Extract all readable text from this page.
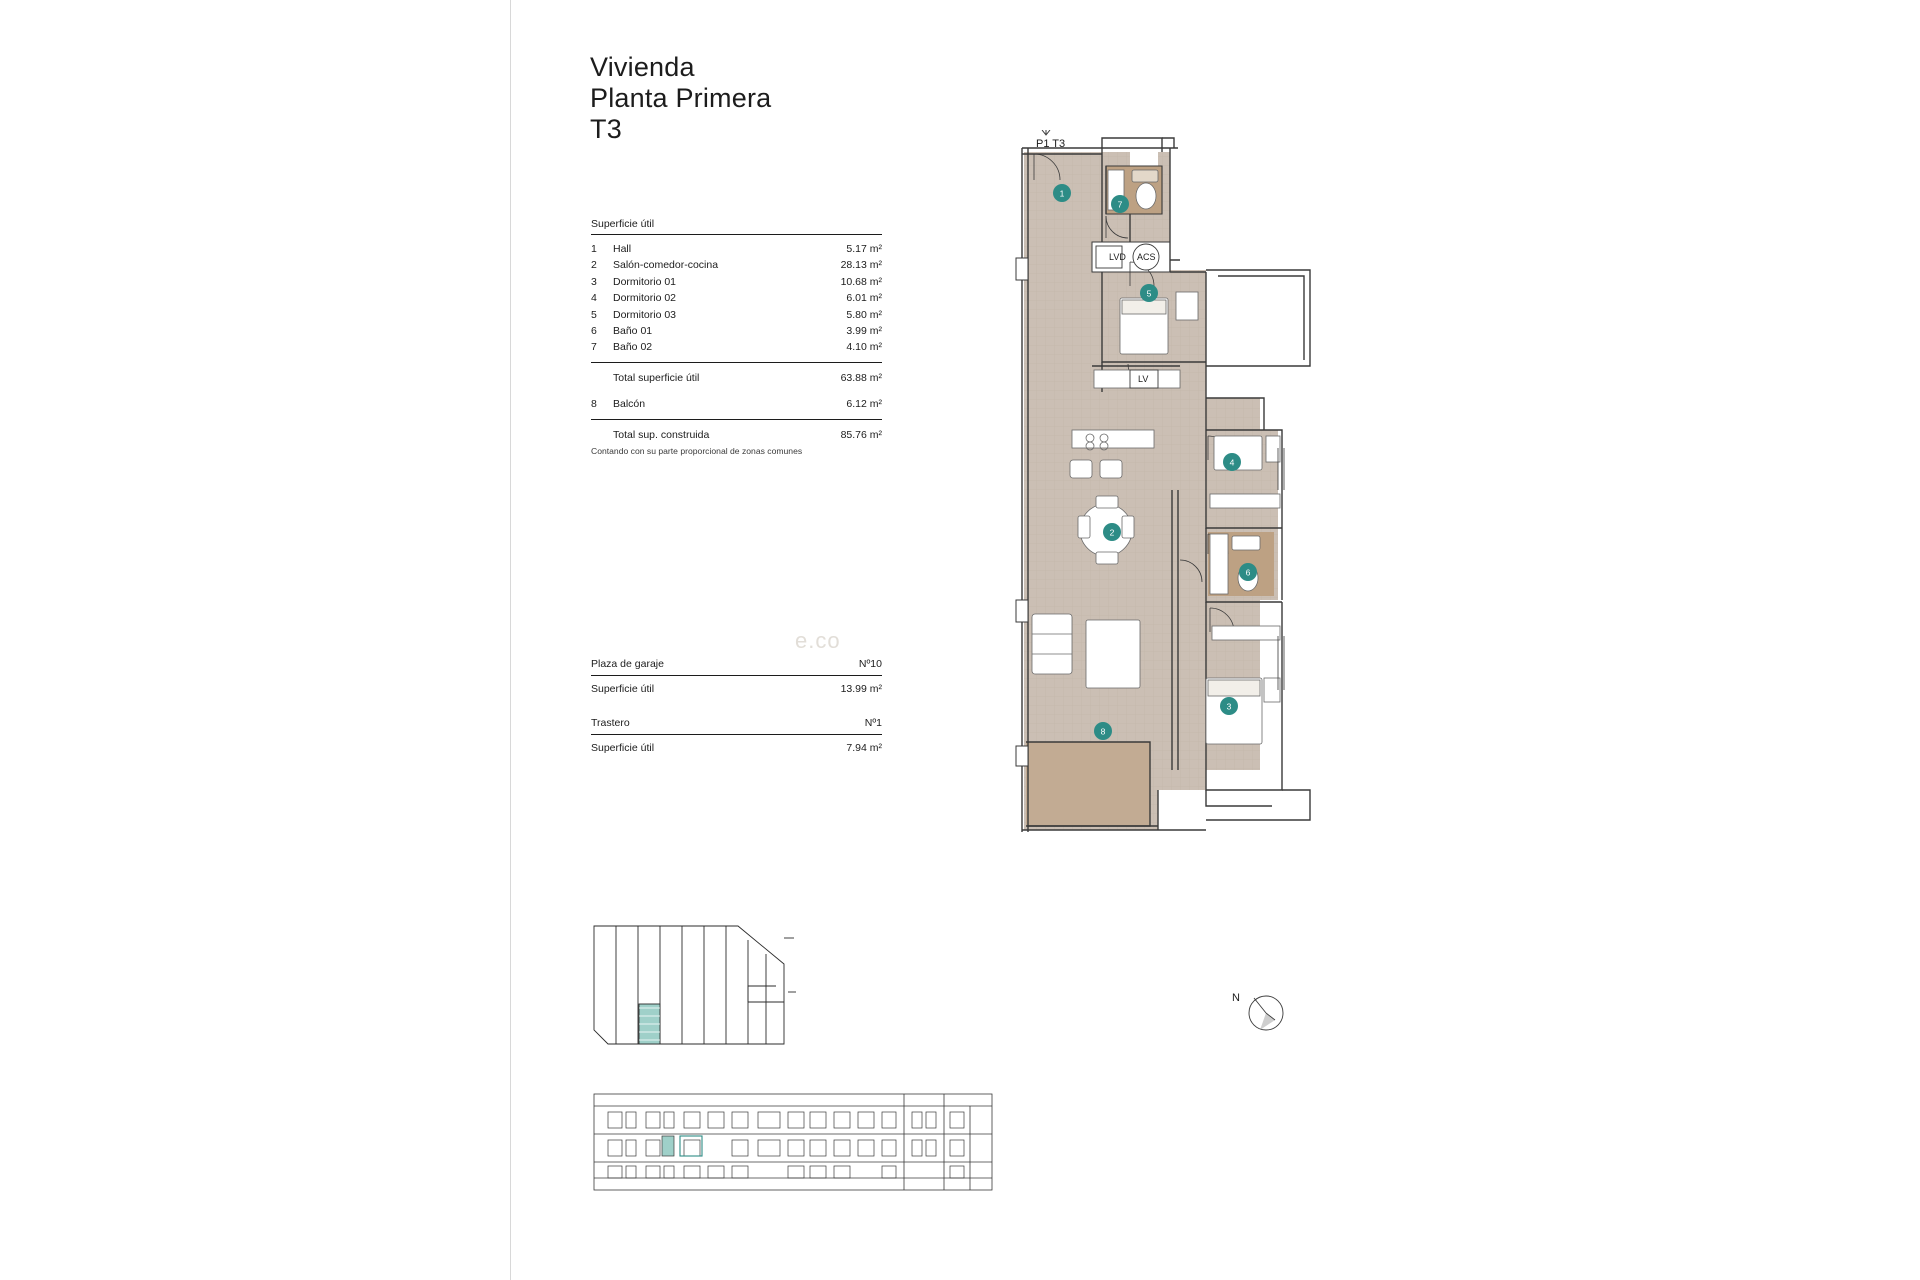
Vivienda
Planta Primera
T3
Superficie útil
1	Hall	5.17 m²
2	Salón-comedor-cocina	28.13 m²
3	Dormitorio 01	10.68 m²
4	Dormitorio 02	6.01 m²
5	Dormitorio 03	5.80 m²
6	Baño 01	3.99 m²
7	Baño 02	4.10 m²
Total superficie útil	63.88 m²
8	Balcón	6.12 m²
Total sup. construida	85.76 m²
Contando con su parte proporcional de zonas comunes
Plaza de garaje	Nº10
Superficie útil	13.99 m²
Trastero	Nº1
Superficie útil	7.94 m²
P1 T3
e.co
1
7
5
4
2
6
3
8
LVD ACS
LV
N
